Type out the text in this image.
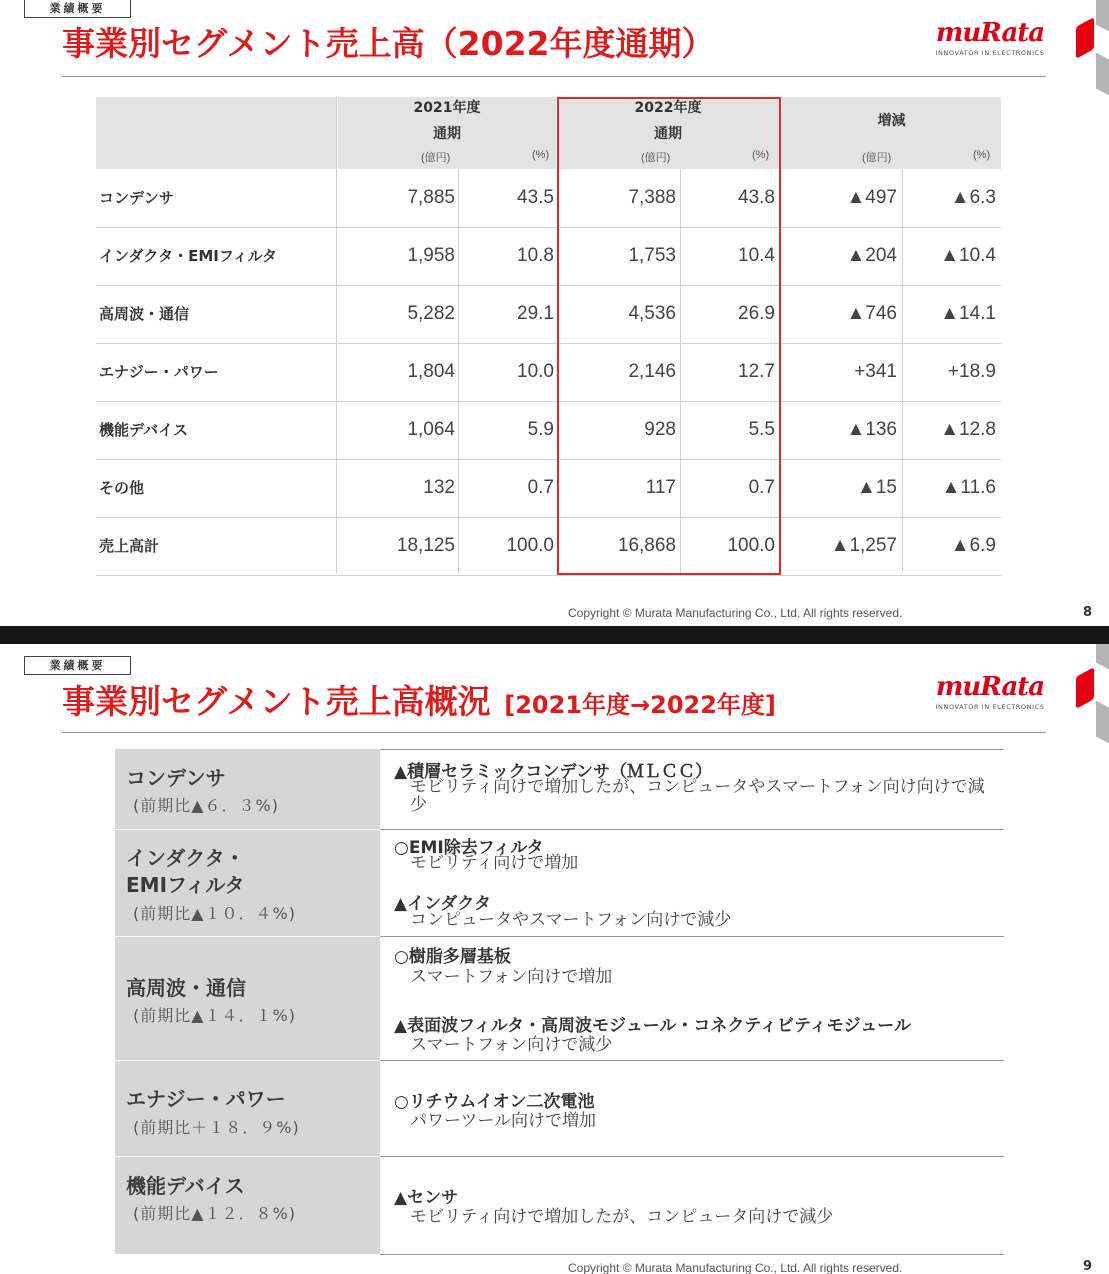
業績概要
事業別セグメント売上高（2022年度通期）	muRata
INNOVATOR IN ELECTRONICS
2021年度
通期
2022年度
通期
増減
(億円)	(%)	(億円)	(%)	(億円)	(%)
コンデンサ	7,885	43.5	7,388	43.8	▲497	▲6.3
インダクタ・EMIフィルタ	1,958	10.8	1,753	10.4	▲204	▲10.4
高周波・通信	5,282	29.1	4,536	26.9	▲746	▲14.1
エナジー・パワー	1,804	10.0	2,146	12.7	+341	+18.9
機能デバイス	1,064	5.9	928	5.5	▲136	▲12.8
その他	132	0.7	117	0.7	▲15	▲11.6
売上高計	18,125	100.0	16,868	100.0	▲1,257	▲6.9
Copyright © Murata Manufacturing Co., Ltd. All rights reserved.	8
業績概要
事業別セグメント売上高概況 [2021年度→2022年度]
muRata
INNOVATOR IN ELECTRONICS
コンデンサ
(前期比▲６．３%)
▲積層セラミックコンデンサ（ＭＬＣＣ）
モビリティ向けで増加したが、コンピュータやスマートフォン向け向けで減少
インダクタ・
EMIフィルタ
(前期比▲１０．４%)
○EMI除去フィルタ
モビリティ向けで増加
▲インダクタ
コンピュータやスマートフォン向けで減少
高周波・通信
(前期比▲１４．１%)
○樹脂多層基板
スマートフォン向けで増加
▲表面波フィルタ・高周波モジュール・コネクティビティモジュール
スマートフォン向けで減少
エナジー・パワー
(前期比＋１８．９%)
○リチウムイオン二次電池
パワーツール向けで増加
機能デバイス
(前期比▲１２．８%)
▲センサ
モビリティ向けで増加したが、コンピュータ向けで減少
Copyright © Murata Manufacturing Co., Ltd. All rights reserved.	9
